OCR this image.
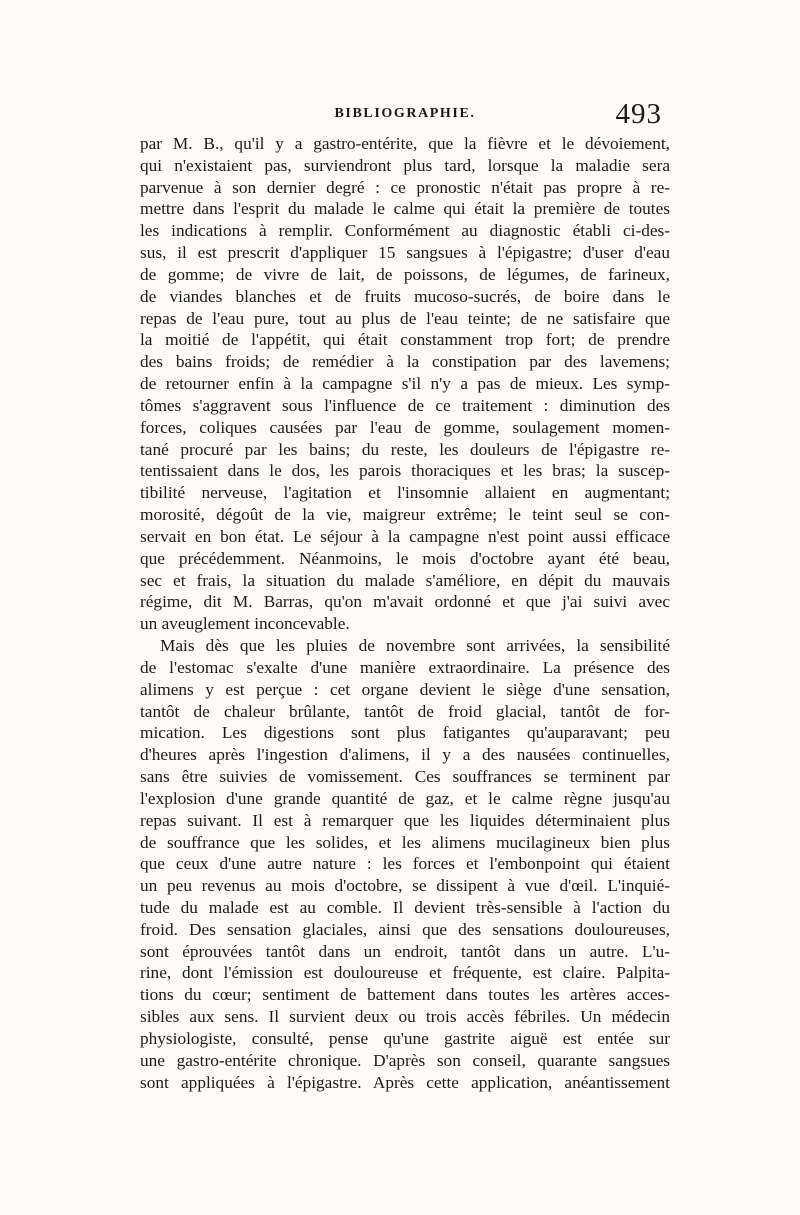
BIBLIOGRAPHIE.	493
par M. B., qu'il y a gastro-entérite, que la fièvre et le dévoiement,
qui n'existaient pas, surviendront plus tard, lorsque la maladie sera
parvenue à son dernier degré : ce pronostic n'était pas propre à re-
mettre dans l'esprit du malade le calme qui était la première de toutes
les indications à remplir. Conformément au diagnostic établi ci-des-
sus, il est prescrit d'appliquer 15 sangsues à l'épigastre; d'user d'eau
de gomme; de vivre de lait, de poissons, de légumes, de farineux,
de viandes blanches et de fruits mucoso-sucrés, de boire dans le
repas de l'eau pure, tout au plus de l'eau teinte; de ne satisfaire que
la moitié de l'appétit, qui était constamment trop fort; de prendre
des bains froids; de remédier à la constipation par des lavemens;
de retourner enfin à la campagne s'il n'y a pas de mieux. Les symp-
tômes s'aggravent sous l'influence de ce traitement : diminution des
forces, coliques causées par l'eau de gomme, soulagement momen-
tané procuré par les bains; du reste, les douleurs de l'épigastre re-
tentissaient dans le dos, les parois thoraciques et les bras; la suscep-
tibilité nerveuse, l'agitation et l'insomnie allaient en augmentant;
morosité, dégoût de la vie, maigreur extrême; le teint seul se con-
servait en bon état. Le séjour à la campagne n'est point aussi efficace
que précédemment. Néanmoins, le mois d'octobre ayant été beau,
sec et frais, la situation du malade s'améliore, en dépit du mauvais
régime, dit M. Barras, qu'on m'avait ordonné et que j'ai suivi avec
un aveuglement inconcevable.
Mais dès que les pluies de novembre sont arrivées, la sensibilité
de l'estomac s'exalte d'une manière extraordinaire. La présence des
alimens y est perçue : cet organe devient le siège d'une sensation,
tantôt de chaleur brûlante, tantôt de froid glacial, tantôt de for-
mication. Les digestions sont plus fatigantes qu'auparavant; peu
d'heures après l'ingestion d'alimens, il y a des nausées continuelles,
sans être suivies de vomissement. Ces souffrances se terminent par
l'explosion d'une grande quantité de gaz, et le calme règne jusqu'au
repas suivant. Il est à remarquer que les liquides déterminaient plus
de souffrance que les solides, et les alimens mucilagineux bien plus
que ceux d'une autre nature : les forces et l'embonpoint qui étaient
un peu revenus au mois d'octobre, se dissipent à vue d'œil. L'inquié-
tude du malade est au comble. Il devient très-sensible à l'action du
froid. Des sensation glaciales, ainsi que des sensations douloureuses,
sont éprouvées tantôt dans un endroit, tantôt dans un autre. L'u-
rine, dont l'émission est douloureuse et fréquente, est claire. Palpita-
tions du cœur; sentiment de battement dans toutes les artères acces-
sibles aux sens. Il survient deux ou trois accès fébriles. Un médecin
physiologiste, consulté, pense qu'une gastrite aiguë est entée sur
une gastro-entérite chronique. D'après son conseil, quarante sangsues
sont appliquées à l'épigastre. Après cette application, anéantissement
